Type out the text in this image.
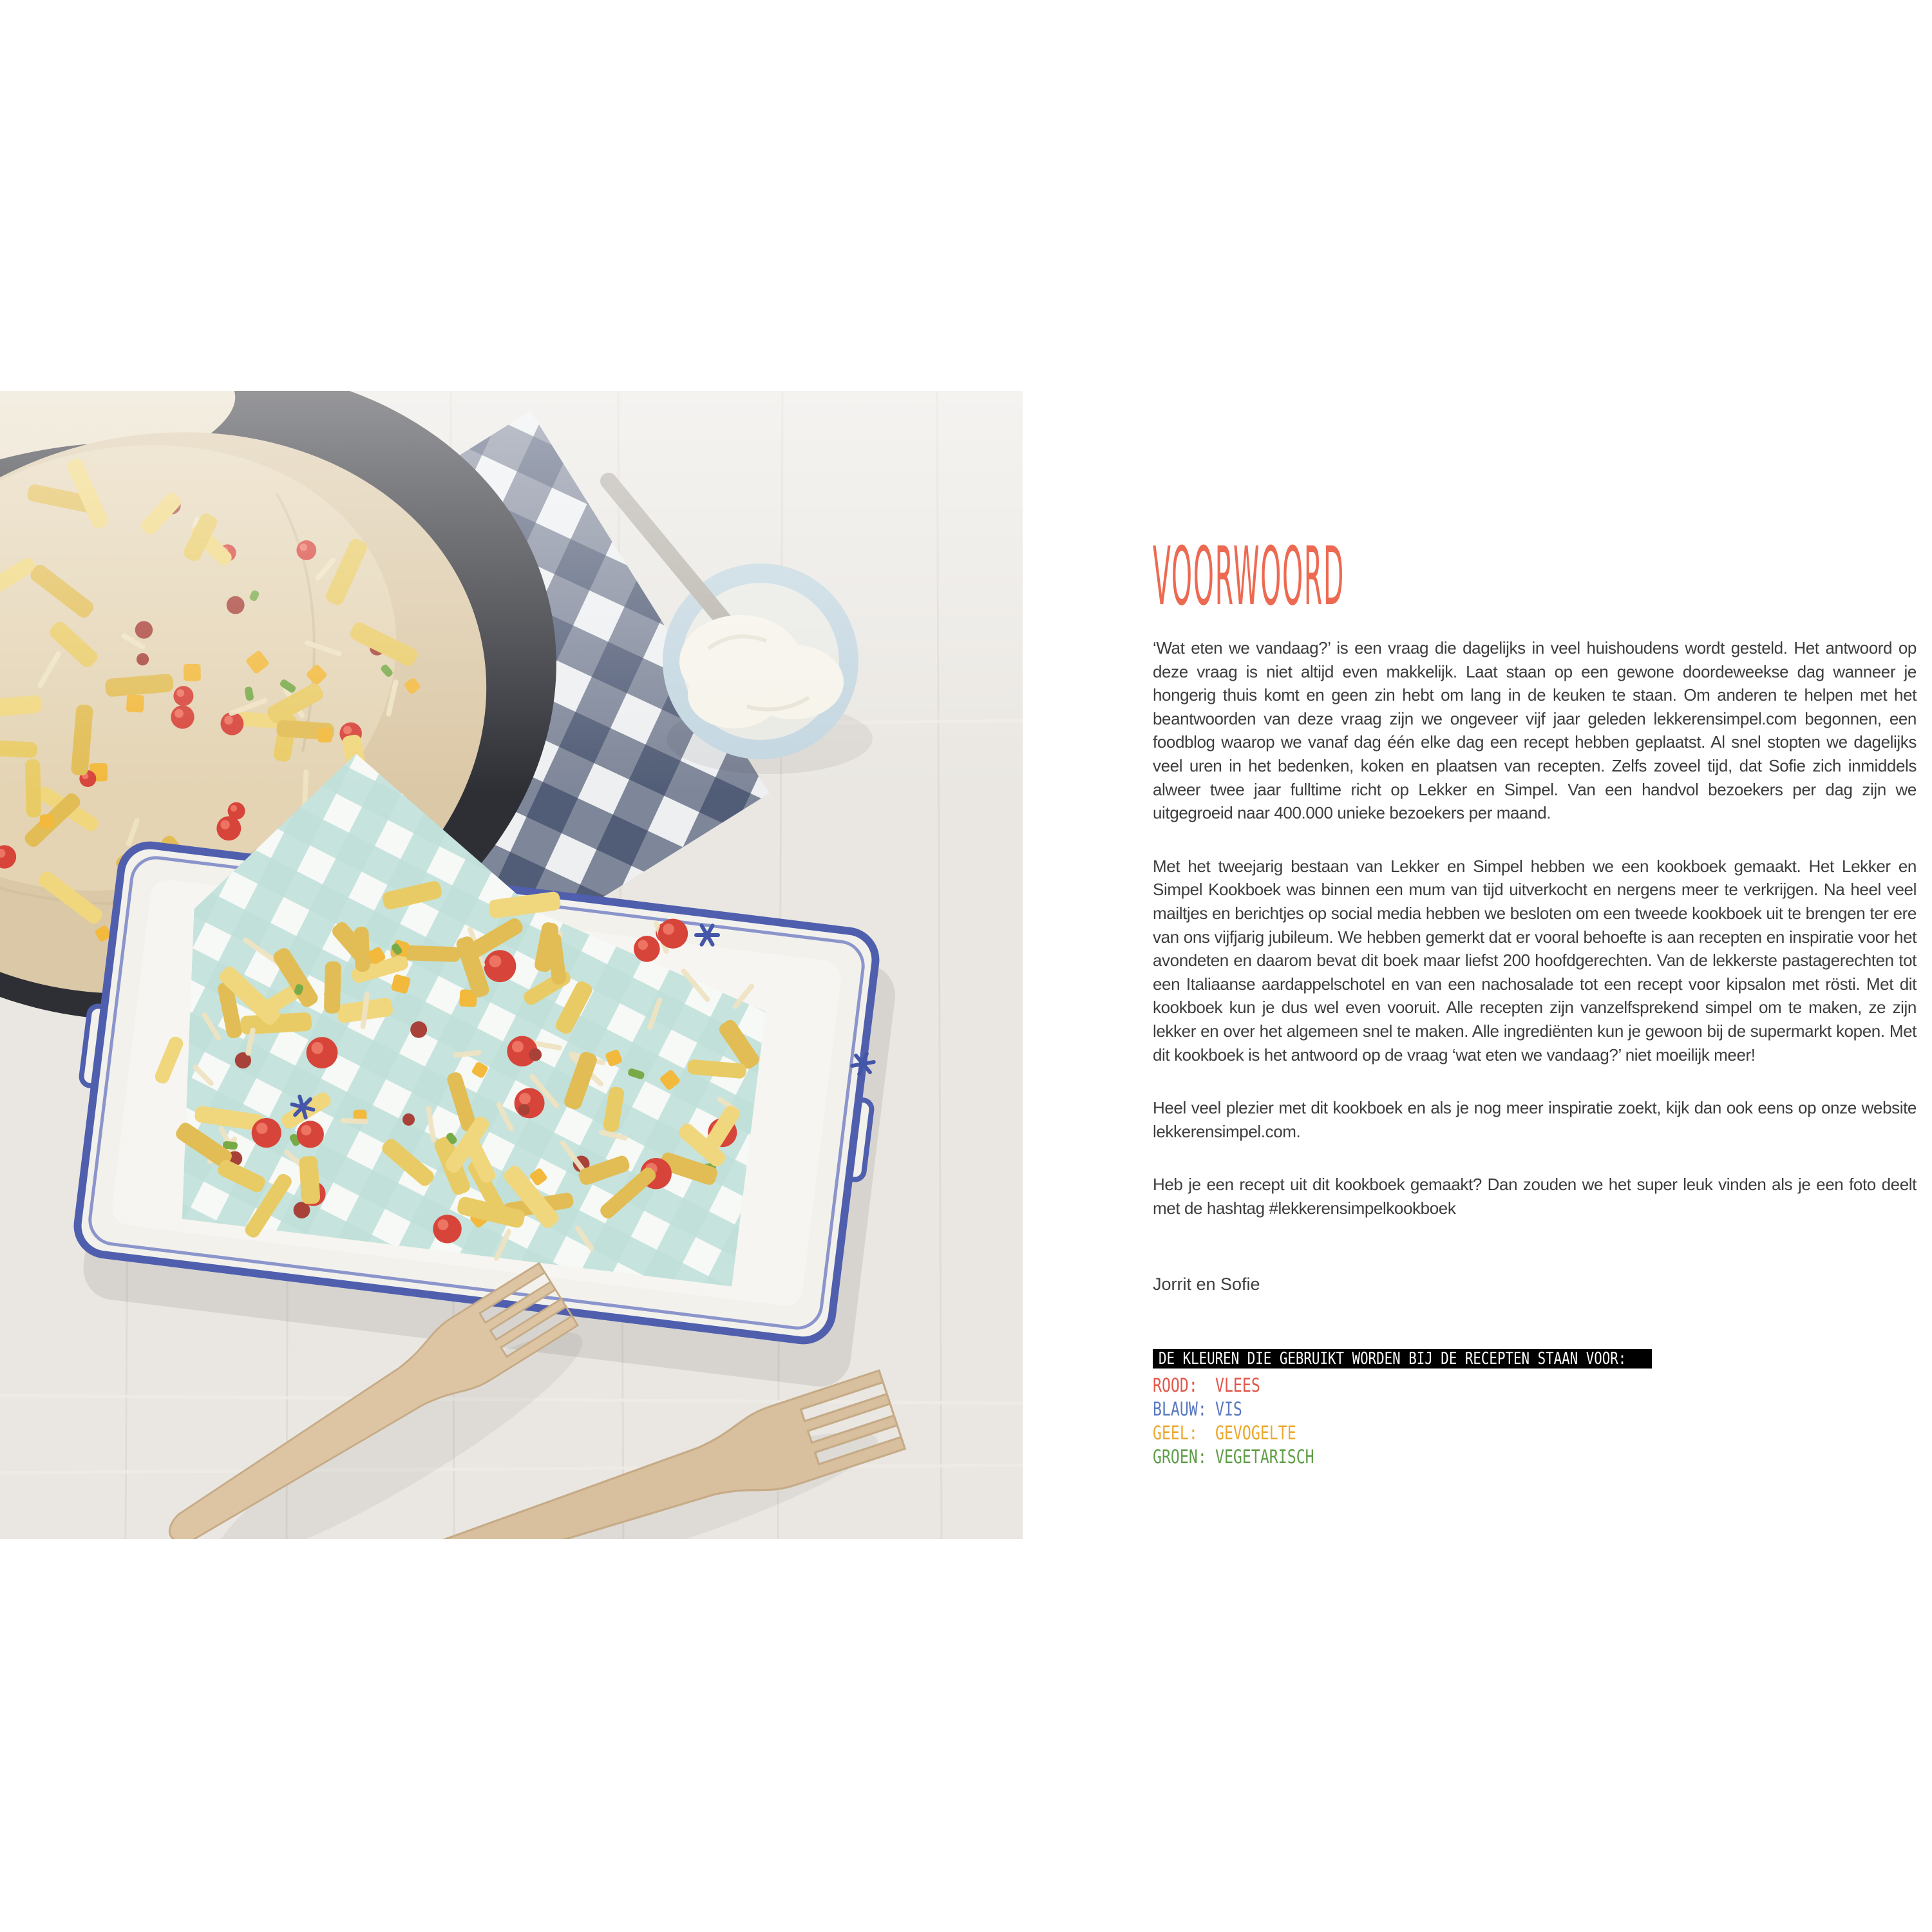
VOORWOORD

‘Wat eten we vandaag?’ is een vraag die dagelijks in veel huishoudens wordt gesteld. Het antwoord op deze vraag is niet altijd even makkelijk. Laat staan op een gewone doordeweekse dag wanneer je hongerig thuis komt en geen zin hebt om lang in de keuken te staan. Om anderen te helpen met het beantwoorden van deze vraag zijn we ongeveer vijf jaar geleden lekkerensimpel.com begonnen, een foodblog waarop we vanaf dag één elke dag een recept hebben geplaatst. Al snel stopten we dagelijks veel uren in het bedenken, koken en plaatsen van recepten. Zelfs zoveel tijd, dat Sofie zich inmiddels alweer twee jaar fulltime richt op Lekker en Simpel. Van een handvol bezoekers per dag zijn we uitgegroeid naar 400.000 unieke bezoekers per maand.

Met het tweejarig bestaan van Lekker en Simpel hebben we een kookboek gemaakt. Het Lekker en Simpel Kookboek was binnen een mum van tijd uitverkocht en nergens meer te verkrijgen. Na heel veel mailtjes en berichtjes op social media hebben we besloten om een tweede kookboek uit te brengen ter ere van ons vijfjarig jubileum. We hebben gemerkt dat er vooral behoefte is aan recepten en inspiratie voor het avondeten en daarom bevat dit boek maar liefst 200 hoofdgerechten. Van de lekkerste pastagerechten tot een Italiaanse aardappelschotel en van een nachosalade tot een recept voor kipsalon met rösti. Met dit kookboek kun je dus wel even vooruit. Alle recepten zijn vanzelfsprekend simpel om te maken, ze zijn lekker en over het algemeen snel te maken. Alle ingrediënten kun je gewoon bij de supermarkt kopen. Met dit kookboek is het antwoord op de vraag ‘wat eten we vandaag?’ niet moeilijk meer!

Heel veel plezier met dit kookboek en als je nog meer inspiratie zoekt, kijk dan ook eens op onze website lekkerensimpel.com.

Heb je een recept uit dit kookboek gemaakt? Dan zouden we het super leuk vinden als je een foto deelt met de hashtag #lekkerensimpelkookboek

Jorrit en Sofie
DE KLEUREN DIE GEBRUIKT WORDEN BIJ DE RECEPTEN STAAN VOOR:
ROOD: VLEES
BLAUW: VIS
GEEL: GEVOGELTE
GROEN: VEGETARISCH
